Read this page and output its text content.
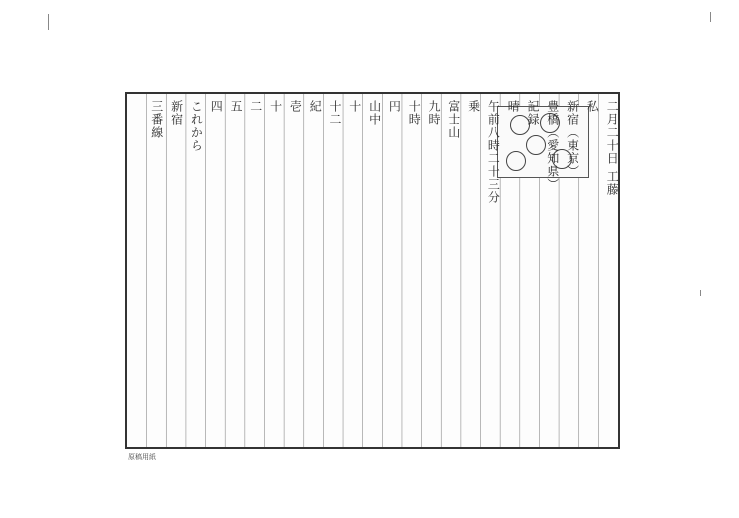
二月二十日 工藤
私
新宿（東京）
豊橋（愛知県）
記録
晴
午前八時二十三分
乗
富士山
九時
十時
円
山中
十
十二
紀
壱
十
二
五
四
これから
新宿
三番線
原稿用紙
